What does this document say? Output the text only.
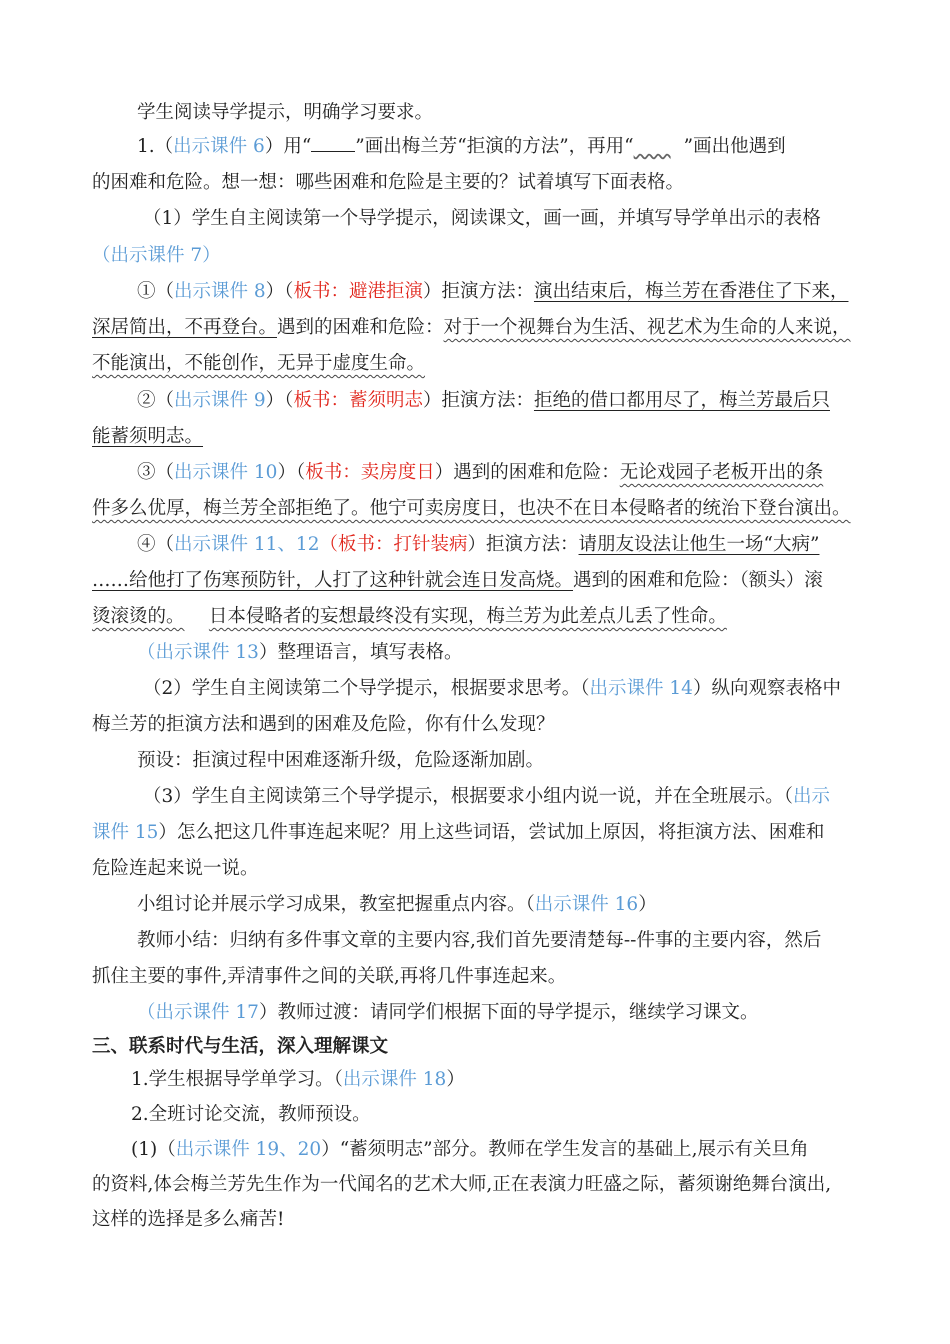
学生阅读导学提示，明确学习要求。
1.（出示课件 6）用“ ”画出梅兰芳“拒演的方法”，再用“  	”画出他遇到
的困难和危险。想一想：哪些困难和危险是主要的？试着填写下面表格。
（1）学生自主阅读第一个导学提示，阅读课文，画一画，并填写导学单出示的表格
（出示课件 7）
①（出示课件 8）（板书：避港拒演）拒演方法：演出结束后，梅兰芳在香港住了下来，
深居简出，不再登台。遇到的困难和危险：对于一个视舞台为生活、视艺术为生命的人来说，
不能演出，不能创作，无异于虚度生命。
②（出示课件 9）（板书：蓄须明志）拒演方法：拒绝的借口都用尽了，梅兰芳最后只
能蓄须明志。
③（出示课件 10）（板书：卖房度日）遇到的困难和危险：无论戏园子老板开出的条
件多么优厚，梅兰芳全部拒绝了。他宁可卖房度日，也决不在日本侵略者的统治下登台演出。
④（出示课件 11、12（板书：打针装病）拒演方法：请朋友设法让他生一场“大病”
……给他打了伤寒预防针，人打了这种针就会连日发高烧。遇到的困难和危险：（额头）滚
烫滚烫的。  日本侵略者的妄想最终没有实现，梅兰芳为此差点儿丢了性命。
（出示课件 13）整理语言，填写表格。
（2）学生自主阅读第二个导学提示，根据要求思考。（出示课件 14）纵向观察表格中
梅兰芳的拒演方法和遇到的困难及危险，你有什么发现？
预设：拒演过程中困难逐渐升级，危险逐渐加剧。
（3）学生自主阅读第三个导学提示，根据要求小组内说一说，并在全班展示。（出示
课件 15）怎么把这几件事连起来呢？用上这些词语，尝试加上原因，将拒演方法、困难和
危险连起来说一说。
小组讨论并展示学习成果，教室把握重点内容。（出示课件 16）
教师小结：归纳有多件事文章的主要内容,我们首先要清楚每--件事的主要内容，然后
抓住主要的事件,弄清事件之间的关联,再将几件事连起来。
（出示课件 17）教师过渡：请同学们根据下面的导学提示，继续学习课文。
三、联系时代与生活，深入理解课文
1.学生根据导学单学习。（出示课件 18）
2.全班讨论交流，教师预设。
(1)（出示课件 19、20）“蓄须明志”部分。教师在学生发言的基础上,展示有关旦角
的资料,体会梅兰芳先生作为一代闻名的艺术大师,正在表演力旺盛之际，蓄须谢绝舞台演出,
这样的选择是多么痛苦!
